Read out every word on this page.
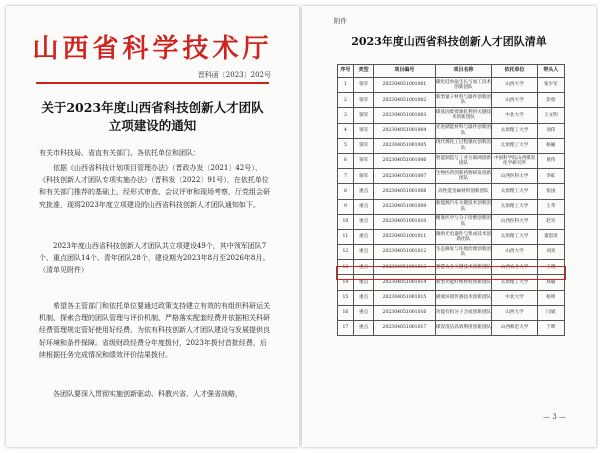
山西省科学技术厅
晋科函〔2023〕202号
关于2023年度山西省科技创新人才团队
立项建设的通知
有关市科技局、省直有关部门、各依托单位和团队：
依据《山西省科技计划项目管理办法》（晋政办发〔2021〕42号）、《科技创新人才团队专项实施办法》（晋科发〔2022〕91号），在依托单位和有关部门推荐的基础上，经形式审查、会议评审和现场考察，厅党组会研究批准，现将2023年度立项建设的山西省科技创新人才团队通知如下。
2023年度山西省科技创新人才团队共立项建设49个，其中领军团队7个、重点团队14个、青年团队28个，建设期为2023年8月至2026年8月。（清单见附件）
希望各主管部门和依托单位要通过政策支持建立有效的有组织科研运关机制，探索合理的团队管理与评价机制，严格落实配套经费并依据相关科研经费管理规定管好使用好经费。为依有科技创新人才团队建设与发展提供良好环境和条件保障。省级财政经费分年度拨付，2023年拨付首批经费，后续根据任务完成情况和绩效评价结果拨付。
各团队要深入贯彻实施创新驱动、科教兴省、人才强省战略，
附件
2023年度山西省科技创新人才团队清单
序号	类型	项目编号	项目名称	依托单位	带头人
1	领军	202304051001001	碳化硅单晶生长与加工技术创新团队	山西大学	张少军
2	领军	202304051001002	新型量子材料与器件创新团队	山西大学	彭放
3	领军	202304051001003	煤基固废资源化利用关键技术创新团队	中北大学	王文明
4	领军	202304051001004	先进储能材料与器件创新团队	太原理工大学	刘伟
5	领军	202304051001005	现代煤化工过程强化创新团队	太原理工大学	杨颖
6	领军	202304051001006	智能制造与工业互联网创新团队	中国科学院山西煤炭化学研究所	黄伟
7	领军	202304051001007	生物医药创新药物研发创新团队	山西医科大学	李虹
8	重点	202304051001008	高性能金属材料创新团队	太原理工大学	张国
9	重点	202304051001009	新能源汽车关键技术创新团队	太原理工大学	王华
10	重点	202304051001010	精准医学与分子诊断创新团队	山西医科大学	赵军
11	重点	202304051001011	微纳光电器件与集成技术创新团队	太原理工大学	董恩清
12	重点	202304051001012	生态修复与环境治理创新团队	山西大学	刘亮
13	重点	202304051001013	智慧农业关键技术创新团队	山西农业大学	王晓
14	重点	202304051001014	新型功能纤维材料创新团队	太原理工大学	郑敏
15	重点	202304051001015	极端环境传感技术创新团队	中北大学	杨明
16	重点	202304051001016	功能有机分子合成创新团队	山西大学	闫斌
17	重点	202304051001017	煤炭清洁高效利用创新团队	山西师范大学	于晔
— 3 —
